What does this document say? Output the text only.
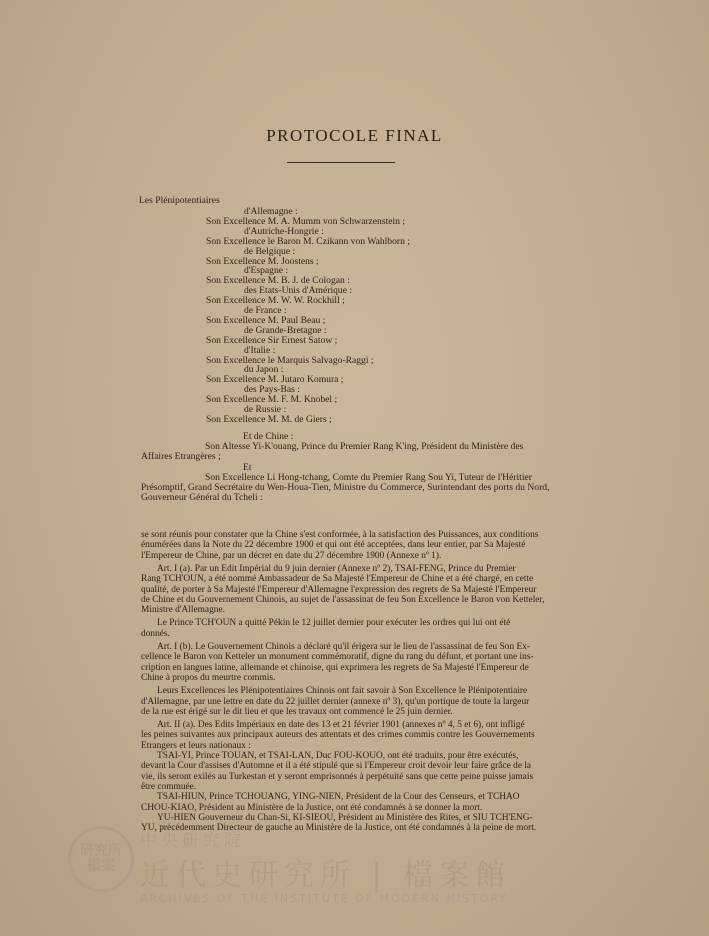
PROTOCOLE FINAL
Les Plénipotentiaires
d'Allemagne :
Son Excellence M. A. Mumm von Schwarzenstein ;
d'Autriche-Hongrie :
Son Excellence le Baron M. Czikann von Wahlborn ;
de Belgique :
Son Excellence M. Joostens ;
d'Espagne :
Son Excellence M. B. J. de Cologan :
des Etats-Unis d'Amérique :
Son Excellence M. W. W. Rockhill ;
de France :
Son Excellence M. Paul Beau ;
de Grande-Bretagne :
Son Excellence Sir Ernest Satow ;
d'Italie :
Son Excellence le Marquis Salvago-Raggi ;
du Japon :
Son Excellence M. Jutaro Komura ;
des Pays-Bas :
Son Excellence M. F. M. Knobel ;
de Russie :
Son Excellence M. M. de Giers ;
Et de Chine :
Son Altesse Yi-K'ouang, Prince du Premier Rang K'ing, Président du Ministère des
Affaires Etrangères ;
Et
Son Excellence Li Hong-tchang, Comte du Premier Rang Sou Yi, Tuteur de l'Héritier
Présomptif, Grand Secrétaire du Wen-Houa-Tien, Ministre du Commerce, Surintendant des ports du Nord,
Gouverneur Général du Tcheli :
se sont réunis pour constater que la Chine s'est conformée, à la satisfaction des Puissances, aux conditions
énumérées dans la Note du 22 décembre 1900 et qui ont été acceptées, dans leur entier, par Sa Majesté
l'Empereur de Chine, par un décret en date du 27 décembre 1900 (Annexe nº 1).
Art. I (a). Par un Edit Impérial du 9 juin dernier (Annexe nº 2), TSAI-FENG, Prince du Premier
Rang TCH'OUN, a été nommé Ambassadeur de Sa Majesté l'Empereur de Chine et a été chargé, en cette
qualité, de porter à Sa Majesté l'Empereur d'Allemagne l'expression des regrets de Sa Majesté l'Empereur
de Chine et du Gouvernement Chinois, au sujet de l'assassinat de feu Son Excellence le Baron von Ketteler,
Ministre d'Allemagne.
Le Prince TCH'OUN a quitté Pékin le 12 juillet dernier pour exécuter les ordres qui lui ont été
donnés.
Art. I (b). Le Gouvernement Chinois a déclaré qu'il érigera sur le lieu de l'assassinat de feu Son Ex-
cellence le Baron von Ketteler un monument commémoratif, digne du rang du défunt, et portant une ins-
cription en langues latine, allemande et chinoise, qui exprimera les regrets de Sa Majesté l'Empereur de
Chine à propos du meurtre commis.
Leurs Excellences les Plénipotentiaires Chinois ont fait savoir à Son Excellence le Plénipotentiaire
d'Allemagne, par une lettre en date du 22 juillet dernier (annexe nº 3), qu'un portique de toute la largeur
de la rue est érigé sur le dit lieu et que les travaux ont commencé le 25 juin dernier.
Art. II (a). Des Edits Impériaux en date des 13 et 21 février 1901 (annexes nº 4, 5 et 6), ont infligé
les peines suivantes aux principaux auteurs des attentats et des crimes commis contre les Gouvernements
Etrangers et leurs nationaux :
TSAI-YI, Prince TOUAN, et TSAI-LAN, Duc FOU-KOUO, ont été traduits, pour être exécutés,
devant la Cour d'assises d'Automne et il a été stipulé que si l'Empereur croit devoir leur faire grâce de la
vie, ils seront exilés au Turkestan et y seront emprisonnés à perpétuité sans que cette peine puisse jamais
être commuée.
TSAI-HIUN, Prince TCHOUANG, YING-NIEN, Président de la Cour des Censeurs, et TCHAO
CHOU-KIAO, Président au Ministère de la Justice, ont été condamnés à se donner la mort.
YU-HIEN Gouverneur du Chan-Si, KI-SIEOU, Président au Ministère des Rites, et SIU TCH'ENG-
YU, précédemment Directeur de gauche au Ministère de la Justice, ont été condamnés à la peine de mort.
研究所 檔案
中央研究院
近代史研究所 | 檔案館
ARCHIVES OF THE INSTITUTE OF MODERN HISTORY
